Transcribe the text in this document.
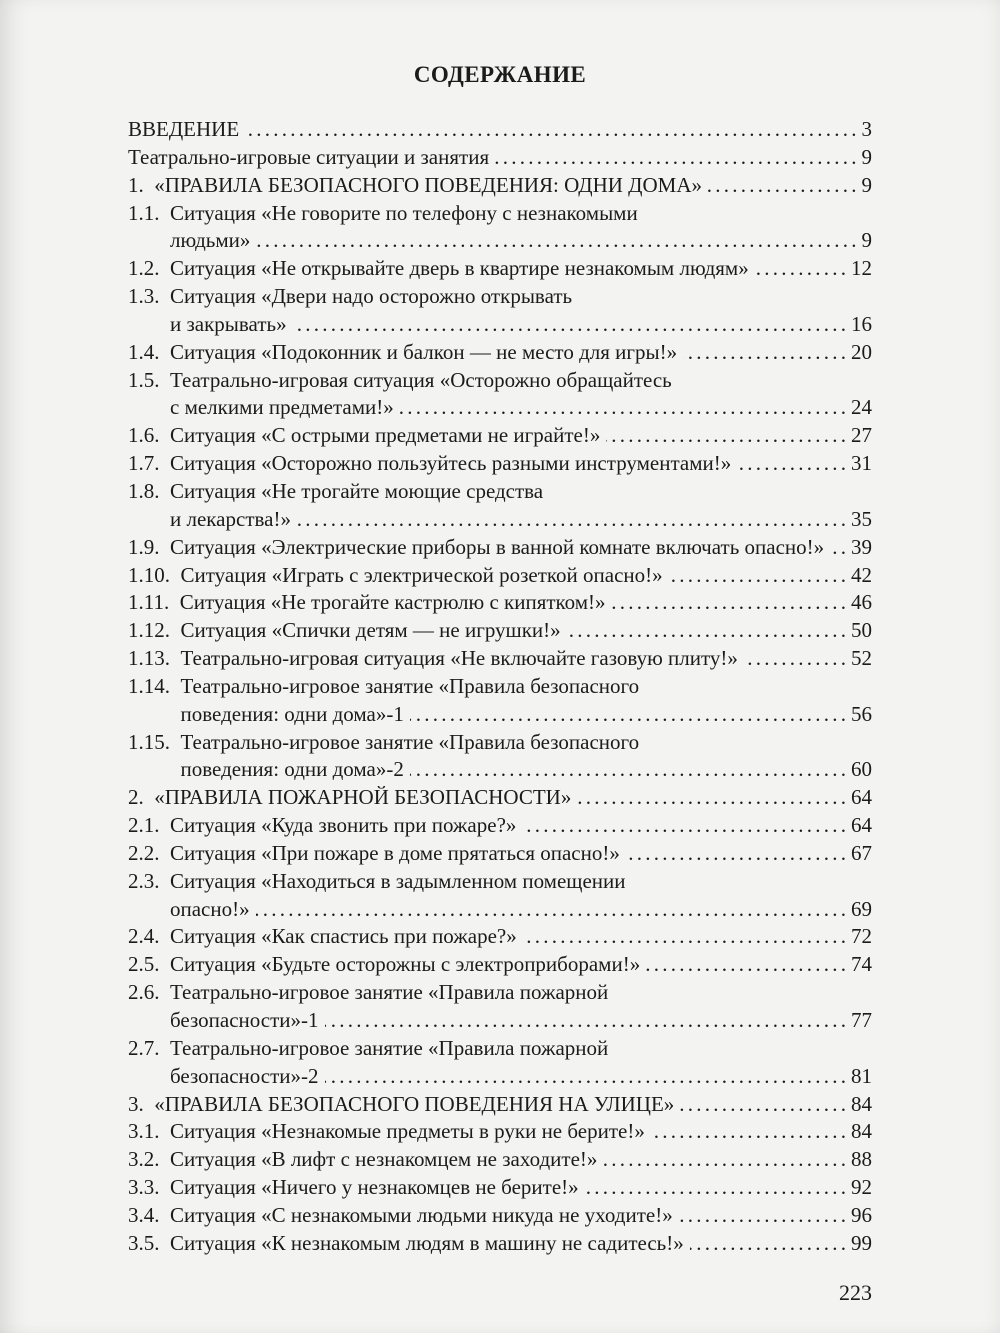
СОДЕРЖАНИЕ
ВВЕДЕНИЕ . . .	3
Театрально-игровые ситуации и занятия . . .	9
1. «ПРАВИЛА БЕЗОПАСНОГО ПОВЕДЕНИЯ: ОДНИ ДОМА» . . .	9
1.1. Ситуация «Не говорите по телефону с незнакомыми
людьми» . . .	9
1.2. Ситуация «Не открывайте дверь в квартире незнакомым людям» . . .	12
1.3. Ситуация «Двери надо осторожно открывать
и закрывать» . . .	16
1.4. Ситуация «Подоконник и балкон — не место для игры!» . . .	20
1.5. Театрально-игровая ситуация «Осторожно обращайтесь
с мелкими предметами!» . . .	24
1.6. Ситуация «С острыми предметами не играйте!» . . .	27
1.7. Ситуация «Осторожно пользуйтесь разными инструментами!» . . .	31
1.8. Ситуация «Не трогайте моющие средства
и лекарства!» . . .	35
1.9. Ситуация «Электрические приборы в ванной комнате включать опасно!» . . . 39
1.10. Ситуация «Играть с электрической розеткой опасно!» . . .	42
1.11. Ситуация «Не трогайте кастрюлю с кипятком!» . . .	46
1.12. Ситуация «Спички детям — не игрушки!» . . .	50
1.13. Театрально-игровая ситуация «Не включайте газовую плиту!» . . .	52
1.14. Театрально-игровое занятие «Правила безопасного
поведения: одни дома»-1 . . .	56
1.15. Театрально-игровое занятие «Правила безопасного
поведения: одни дома»-2 . . .	60
2. «ПРАВИЛА ПОЖАРНОЙ БЕЗОПАСНОСТИ» . . .	64
2.1. Ситуация «Куда звонить при пожаре?» . . .	64
2.2. Ситуация «При пожаре в доме прятаться опасно!» . . .	67
2.3. Ситуация «Находиться в задымленном помещении
опасно!» . . .	69
2.4. Ситуация «Как спастись при пожаре?» . . .	72
2.5. Ситуация «Будьте осторожны с электроприборами!» . . .	74
2.6. Театрально-игровое занятие «Правила пожарной
безопасности»-1 . . .	77
2.7. Театрально-игровое занятие «Правила пожарной
безопасности»-2 . . .	81
3. «ПРАВИЛА БЕЗОПАСНОГО ПОВЕДЕНИЯ НА УЛИЦЕ» . . .	84
3.1. Ситуация «Незнакомые предметы в руки не берите!» . . .	84
3.2. Ситуация «В лифт с незнакомцем не заходите!» . . .	88
3.3. Ситуация «Ничего у незнакомцев не берите!» . . .	92
3.4. Ситуация «С незнакомыми людьми никуда не уходите!» . . .	96
3.5. Ситуация «К незнакомым людям в машину не садитесь!» . . .	99
223
